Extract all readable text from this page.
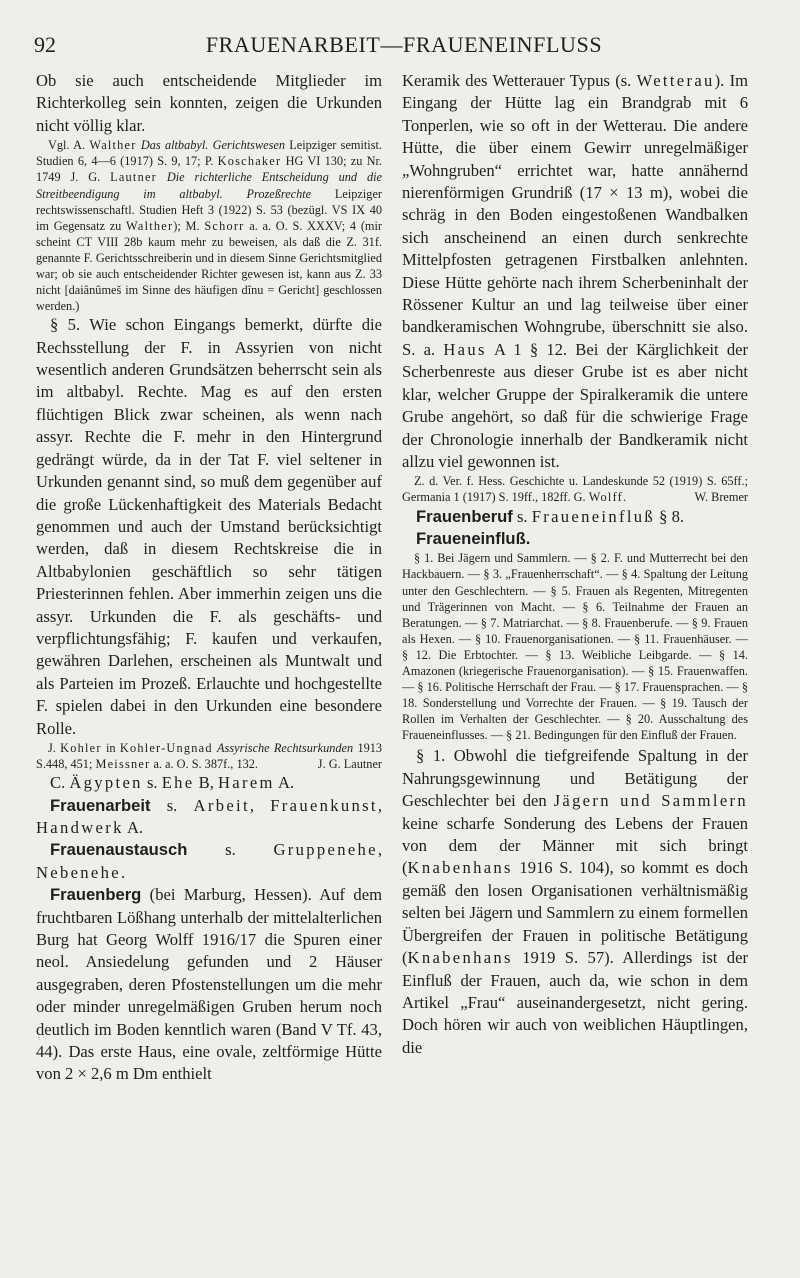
92	FRAUENARBEIT—FRAUENEINFLUSS

Ob sie auch entscheidende Mitglieder im Richterkolleg sein konnten, zeigen die Urkunden nicht völlig klar.

Vgl. A. Walther Das altbabyl. Gerichtswesen Leipziger semitist. Studien 6, 4—6 (1917) S. 9, 17; P. Koschaker HG VI 130; zu Nr. 1749 J. G. Lautner Die richterliche Entscheidung und die Streitbeendigung im altbabyl. Prozeßrechte Leipziger rechtswissenschaftl. Studien Heft 3 (1922) S. 53 (bezügl. VS IX 40 im Gegensatz zu Walther); M. Schorr a. a. O. S. XXXV; 4 (mir scheint CT VIII 28b kaum mehr zu beweisen, als daß die Z. 31f. genannte F. Gerichtsschreiberin und in diesem Sinne Gerichtsmitglied war; ob sie auch entscheidender Richter gewesen ist, kann aus Z. 33 nicht [daiânûmeš im Sinne des häufigen dînu = Gericht] geschlossen werden.)

§ 5. Wie schon Eingangs bemerkt, dürfte die Rechsstellung der F. in Assyrien von nicht wesentlich anderen Grundsätzen beherrscht sein als im altbabyl. Rechte. Mag es auf den ersten flüchtigen Blick zwar scheinen, als wenn nach assyr. Rechte die F. mehr in den Hintergrund gedrängt würde, da in der Tat F. viel seltener in Urkunden genannt sind, so muß dem gegenüber auf die große Lückenhaftigkeit des Materials Bedacht genommen und auch der Umstand berücksichtigt werden, daß in diesem Rechtskreise die in Altbabylonien geschäftlich so sehr tätigen Priesterinnen fehlen. Aber immerhin zeigen uns die assyr. Urkunden die F. als geschäfts- und verpflichtungsfähig; F. kaufen und verkaufen, gewähren Darlehen, erscheinen als Muntwalt und als Parteien im Prozeß. Erlauchte und hochgestellte F. spielen dabei in den Urkunden eine besondere Rolle.

J. Kohler in Kohler-Ungnad Assyrische Rechtsurkunden 1913 S.448, 451; Meissner a. a. O. S. 387f., 132.	J. G. Lautner

C. Ägypten s. Ehe B, Harem A.

Frauenarbeit s. Arbeit, Frauenkunst, Handwerk A.

Frauenaustausch s. Gruppenehe, Nebenehe.

Frauenberg (bei Marburg, Hessen). Auf dem fruchtbaren Lößhang unterhalb der mittelalterlichen Burg hat Georg Wolff 1916/17 die Spuren einer neol. Ansiedelung gefunden und 2 Häuser ausgegraben, deren Pfostenstellungen um die mehr oder minder unregelmäßigen Gruben herum noch deutlich im Boden kenntlich waren (Band V Tf. 43, 44). Das erste Haus, eine ovale, zeltförmige Hütte von 2 × 2,6 m Dm enthielt

Keramik des Wetterauer Typus (s. Wetterau). Im Eingang der Hütte lag ein Brandgrab mit 6 Tonperlen, wie so oft in der Wetterau. Die andere Hütte, die über einem Gewirr unregelmäßiger „Wohngruben“ errichtet war, hatte annähernd nierenförmigen Grundriß (17 × 13 m), wobei die schräg in den Boden eingestoßenen Wandbalken sich anscheinend an einen durch senkrechte Mittelpfosten getragenen Firstbalken anlehnten. Diese Hütte gehörte nach ihrem Scherbeninhalt der Rössener Kultur an und lag teilweise über einer bandkeramischen Wohngrube, überschnitt sie also. S. a. Haus A 1 § 12. Bei der Kärglichkeit der Scherbenreste aus dieser Grube ist es aber nicht klar, welcher Gruppe der Spiralkeramik die untere Grube angehört, so daß für die schwierige Frage der Chronologie innerhalb der Bandkeramik nicht allzu viel gewonnen ist.

Z. d. Ver. f. Hess. Geschichte u. Landeskunde 52 (1919) S. 65ff.; Germania 1 (1917) S. 19ff., 182ff. G. Wolff.	W. Bremer

Frauenberuf s. Fraueneinfluß § 8.

Fraueneinfluß.

§ 1. Bei Jägern und Sammlern. — § 2. F. und Mutterrecht bei den Hackbauern. — § 3. „Frauenherrschaft“. — § 4. Spaltung der Leitung unter den Geschlechtern. — § 5. Frauen als Regenten, Mitregenten und Trägerinnen von Macht. — § 6. Teilnahme der Frauen an Beratungen. — § 7. Matriarchat. — § 8. Frauenberufe. — § 9. Frauen als Hexen. — § 10. Frauenorganisationen. — § 11. Frauenhäuser. — § 12. Die Erbtochter. — § 13. Weibliche Leibgarde. — § 14. Amazonen (kriegerische Frauenorganisation). — § 15. Frauenwaffen. — § 16. Politische Herrschaft der Frau. — § 17. Frauensprachen. — § 18. Sonderstellung und Vorrechte der Frauen. — § 19. Tausch der Rollen im Verhalten der Geschlechter. — § 20. Ausschaltung des Fraueneinflusses. — § 21. Bedingungen für den Einfluß der Frauen.

§ 1. Obwohl die tiefgreifende Spaltung in der Nahrungsgewinnung und Betätigung der Geschlechter bei den Jägern und Sammlern keine scharfe Sonderung des Lebens der Frauen von dem der Männer mit sich bringt (Knabenhans 1916 S. 104), so kommt es doch gemäß den losen Organisationen verhältnismäßig selten bei Jägern und Sammlern zu einem formellen Übergreifen der Frauen in politische Betätigung (Knabenhans 1919 S. 57). Allerdings ist der Einfluß der Frauen, auch da, wie schon in dem Artikel „Frau“ auseinandergesetzt, nicht gering. Doch hören wir auch von weiblichen Häuptlingen, die
